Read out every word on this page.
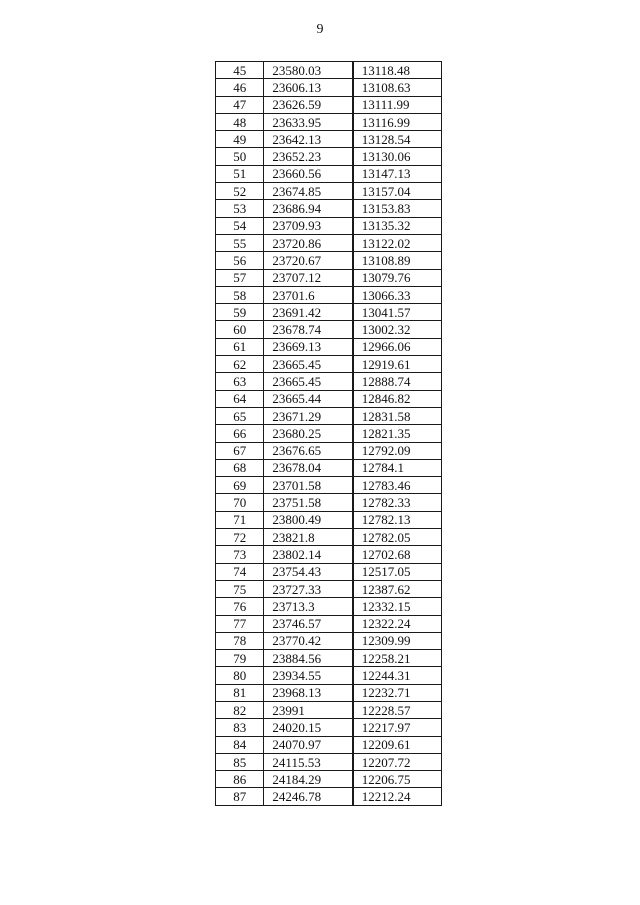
9
45	23580.03	13118.48
46	23606.13	13108.63
47	23626.59	13111.99
48	23633.95	13116.99
49	23642.13	13128.54
50	23652.23	13130.06
51	23660.56	13147.13
52	23674.85	13157.04
53	23686.94	13153.83
54	23709.93	13135.32
55	23720.86	13122.02
56	23720.67	13108.89
57	23707.12	13079.76
58	23701.6	13066.33
59	23691.42	13041.57
60	23678.74	13002.32
61	23669.13	12966.06
62	23665.45	12919.61
63	23665.45	12888.74
64	23665.44	12846.82
65	23671.29	12831.58
66	23680.25	12821.35
67	23676.65	12792.09
68	23678.04	12784.1
69	23701.58	12783.46
70	23751.58	12782.33
71	23800.49	12782.13
72	23821.8	12782.05
73	23802.14	12702.68
74	23754.43	12517.05
75	23727.33	12387.62
76	23713.3	12332.15
77	23746.57	12322.24
78	23770.42	12309.99
79	23884.56	12258.21
80	23934.55	12244.31
81	23968.13	12232.71
82	23991	12228.57
83	24020.15	12217.97
84	24070.97	12209.61
85	24115.53	12207.72
86	24184.29	12206.75
87	24246.78	12212.24
